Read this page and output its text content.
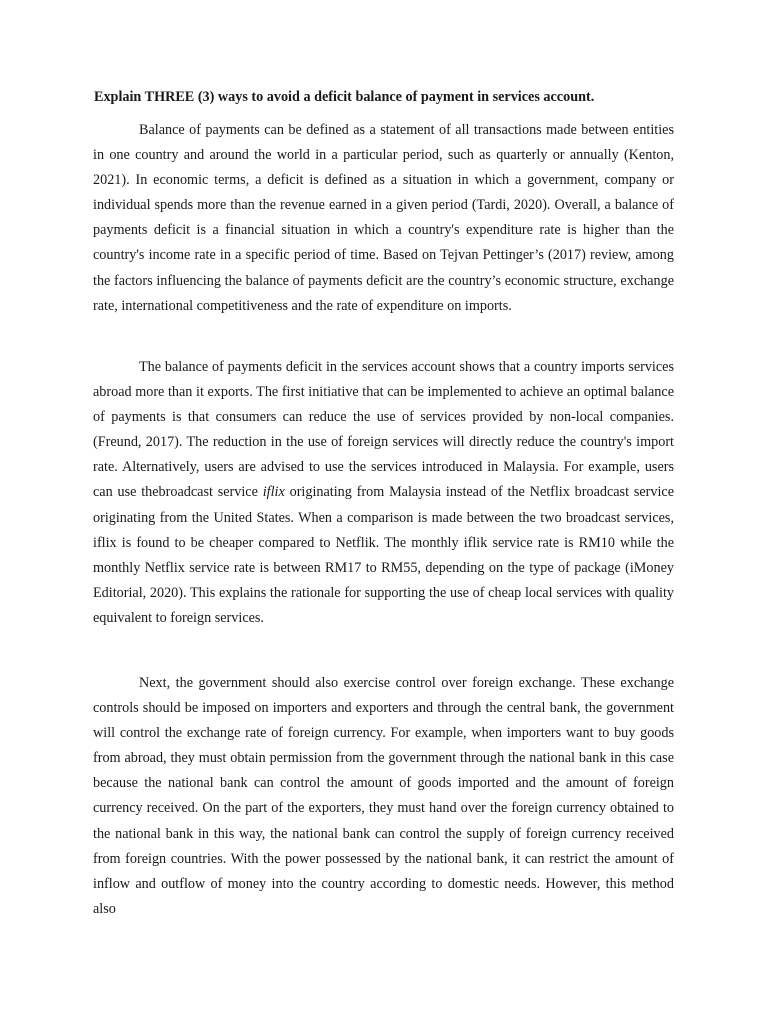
Explain THREE (3) ways to avoid a deficit balance of payment in services account.

Balance of payments can be defined as a statement of all transactions made between entities in one country and around the world in a particular period, such as quarterly or annually (Kenton, 2021). In economic terms, a deficit is defined as a situation in which a government, company or individual spends more than the revenue earned in a given period (Tardi, 2020). Overall, a balance of payments deficit is a financial situation in which a country's expenditure rate is higher than the country's income rate in a specific period of time. Based on Tejvan Pettinger’s (2017) review, among the factors influencing the balance of payments deficit are the country’s economic structure, exchange rate, international competitiveness and the rate of expenditure on imports.

The balance of payments deficit in the services account shows that a country imports services abroad more than it exports. The first initiative that can be implemented to achieve an optimal balance of payments is that consumers can reduce the use of services provided by non-local companies. (Freund, 2017). The reduction in the use of foreign services will directly reduce the country's import rate. Alternatively, users are advised to use the services introduced in Malaysia. For example, users can use thebroadcast service iflix originating from Malaysia instead of the Netflix broadcast service originating from the United States. When a comparison is made between the two broadcast services, iflix is found to be cheaper compared to Netflik. The monthly iflik service rate is RM10 while the monthly Netflix service rate is between RM17 to RM55, depending on the type of package (iMoney Editorial, 2020). This explains the rationale for supporting the use of cheap local services with quality equivalent to foreign services.

Next, the government should also exercise control over foreign exchange. These exchange controls should be imposed on importers and exporters and through the central bank, the government will control the exchange rate of foreign currency. For example, when importers want to buy goods from abroad, they must obtain permission from the government through the national bank in this case because the national bank can control the amount of goods imported and the amount of foreign currency received. On the part of the exporters, they must hand over the foreign currency obtained to the national bank in this way, the national bank can control the supply of foreign currency received from foreign countries. With the power possessed by the national bank, it can restrict the amount of inflow and outflow of money into the country according to domestic needs. However, this method also
